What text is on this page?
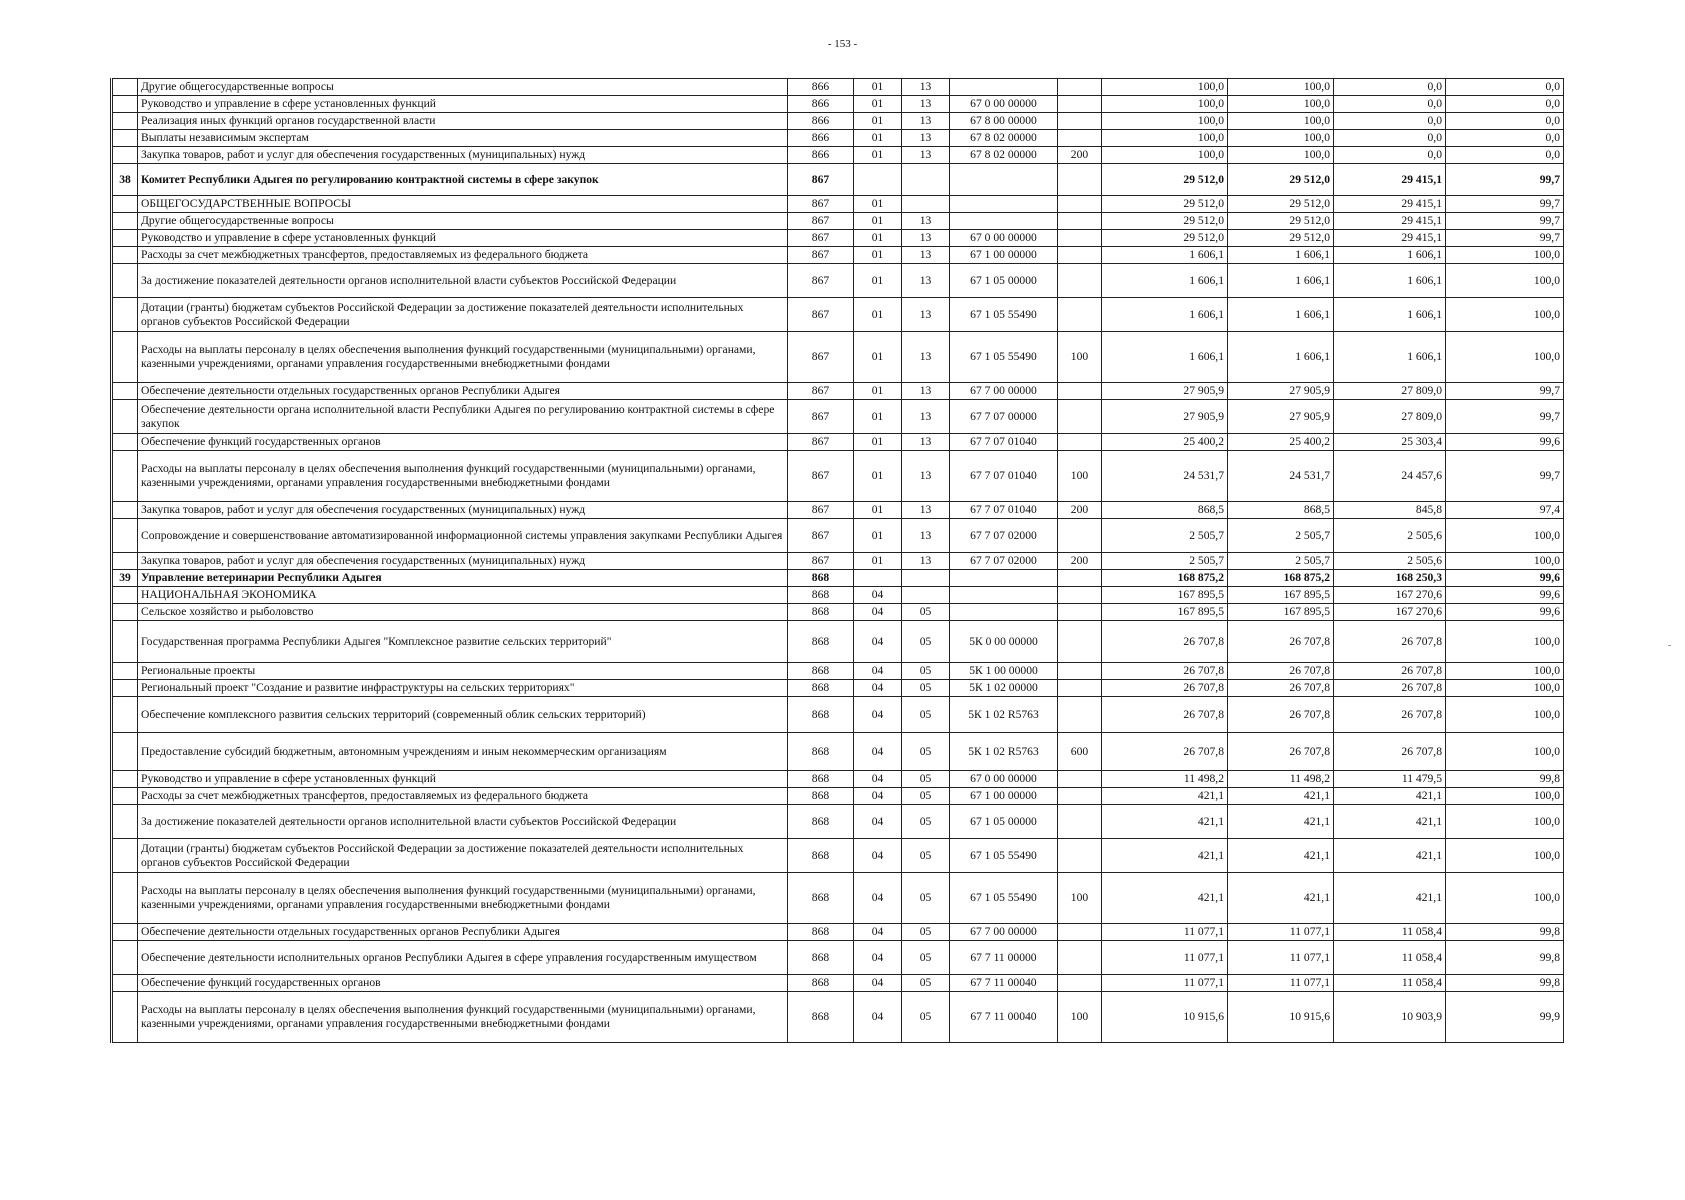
- 153 -
	Другие общегосударственные вопросы	866	01	13			100,0	100,0	0,0	0,0
	Руководство и управление в сфере установленных функций	866	01	13	67 0 00 00000		100,0	100,0	0,0	0,0
	Реализация иных функций органов государственной власти	866	01	13	67 8 00 00000		100,0	100,0	0,0	0,0
	Выплаты независимым экспертам	866	01	13	67 8 02 00000		100,0	100,0	0,0	0,0
	Закупка товаров, работ и услуг для обеспечения государственных (муниципальных) нужд	866	01	13	67 8 02 00000	200	100,0	100,0	0,0	0,0
38	Комитет Республики Адыгея по регулированию контрактной системы в сфере закупок	867					29 512,0	29 512,0	29 415,1	99,7
	ОБЩЕГОСУДАРСТВЕННЫЕ ВОПРОСЫ	867	01				29 512,0	29 512,0	29 415,1	99,7
	Другие общегосударственные вопросы	867	01	13			29 512,0	29 512,0	29 415,1	99,7
	Руководство и управление в сфере установленных функций	867	01	13	67 0 00 00000		29 512,0	29 512,0	29 415,1	99,7
	Расходы за счет межбюджетных трансфертов, предоставляемых из федерального бюджета	867	01	13	67 1 00 00000		1 606,1	1 606,1	1 606,1	100,0
	За достижение показателей деятельности органов исполнительной власти субъектов Российской Федерации	867	01	13	67 1 05 00000		1 606,1	1 606,1	1 606,1	100,0
	Дотации (гранты) бюджетам субъектов Российской Федерации за достижение показателей деятельности исполнительных органов субъектов Российской Федерации	867	01	13	67 1 05 55490		1 606,1	1 606,1	1 606,1	100,0
	Расходы на выплаты персоналу в целях обеспечения выполнения функций государственными (муниципальными) органами, казенными учреждениями, органами управления государственными внебюджетными фондами	867	01	13	67 1 05 55490	100	1 606,1	1 606,1	1 606,1	100,0
	Обеспечение деятельности отдельных государственных органов Республики Адыгея	867	01	13	67 7 00 00000		27 905,9	27 905,9	27 809,0	99,7
	Обеспечение деятельности органа исполнительной власти Республики Адыгея по регулированию контрактной системы в сфере закупок	867	01	13	67 7 07 00000		27 905,9	27 905,9	27 809,0	99,7
	Обеспечение функций государственных органов	867	01	13	67 7 07 01040		25 400,2	25 400,2	25 303,4	99,6
	Расходы на выплаты персоналу в целях обеспечения выполнения функций государственными (муниципальными) органами, казенными учреждениями, органами управления государственными внебюджетными фондами	867	01	13	67 7 07 01040	100	24 531,7	24 531,7	24 457,6	99,7
	Закупка товаров, работ и услуг для обеспечения государственных (муниципальных) нужд	867	01	13	67 7 07 01040	200	868,5	868,5	845,8	97,4
	Сопровождение и совершенствование автоматизированной информационной системы управления закупками Республики Адыгея	867	01	13	67 7 07 02000		2 505,7	2 505,7	2 505,6	100,0
	Закупка товаров, работ и услуг для обеспечения государственных (муниципальных) нужд	867	01	13	67 7 07 02000	200	2 505,7	2 505,7	2 505,6	100,0
39	Управление ветеринарии Республики Адыгея	868					168 875,2	168 875,2	168 250,3	99,6
	НАЦИОНАЛЬНАЯ ЭКОНОМИКА	868	04				167 895,5	167 895,5	167 270,6	99,6
	Сельское хозяйство и рыболовство	868	04	05			167 895,5	167 895,5	167 270,6	99,6
	Государственная программа Республики Адыгея "Комплексное развитие сельских территорий"	868	04	05	5К 0 00 00000		26 707,8	26 707,8	26 707,8	100,0
	Региональные проекты	868	04	05	5К 1 00 00000		26 707,8	26 707,8	26 707,8	100,0
	Региональный проект "Создание и развитие инфраструктуры на сельских территориях"	868	04	05	5К 1 02 00000		26 707,8	26 707,8	26 707,8	100,0
	Обеспечение комплексного развития сельских территорий (современный облик сельских территорий)	868	04	05	5К 1 02 R5763		26 707,8	26 707,8	26 707,8	100,0
	Предоставление субсидий бюджетным, автономным учреждениям и иным некоммерческим организациям	868	04	05	5К 1 02 R5763	600	26 707,8	26 707,8	26 707,8	100,0
	Руководство и управление в сфере установленных функций	868	04	05	67 0 00 00000		11 498,2	11 498,2	11 479,5	99,8
	Расходы за счет межбюджетных трансфертов, предоставляемых из федерального бюджета	868	04	05	67 1 00 00000		421,1	421,1	421,1	100,0
	За достижение показателей деятельности органов исполнительной власти субъектов Российской Федерации	868	04	05	67 1 05 00000		421,1	421,1	421,1	100,0
	Дотации (гранты) бюджетам субъектов Российской Федерации за достижение показателей деятельности исполнительных органов субъектов Российской Федерации	868	04	05	67 1 05 55490		421,1	421,1	421,1	100,0
	Расходы на выплаты персоналу в целях обеспечения выполнения функций государственными (муниципальными) органами, казенными учреждениями, органами управления государственными внебюджетными фондами	868	04	05	67 1 05 55490	100	421,1	421,1	421,1	100,0
	Обеспечение деятельности отдельных государственных органов Республики Адыгея	868	04	05	67 7 00 00000		11 077,1	11 077,1	11 058,4	99,8
	Обеспечение деятельности исполнительных органов Республики Адыгея в сфере управления государственным имуществом	868	04	05	67 7 11 00000		11 077,1	11 077,1	11 058,4	99,8
	Обеспечение функций государственных органов	868	04	05	67 7 11 00040		11 077,1	11 077,1	11 058,4	99,8
	Расходы на выплаты персоналу в целях обеспечения выполнения функций государственными (муниципальными) органами, казенными учреждениями, органами управления государственными внебюджетными фондами	868	04	05	67 7 11 00040	100	10 915,6	10 915,6	10 903,9	99,9
